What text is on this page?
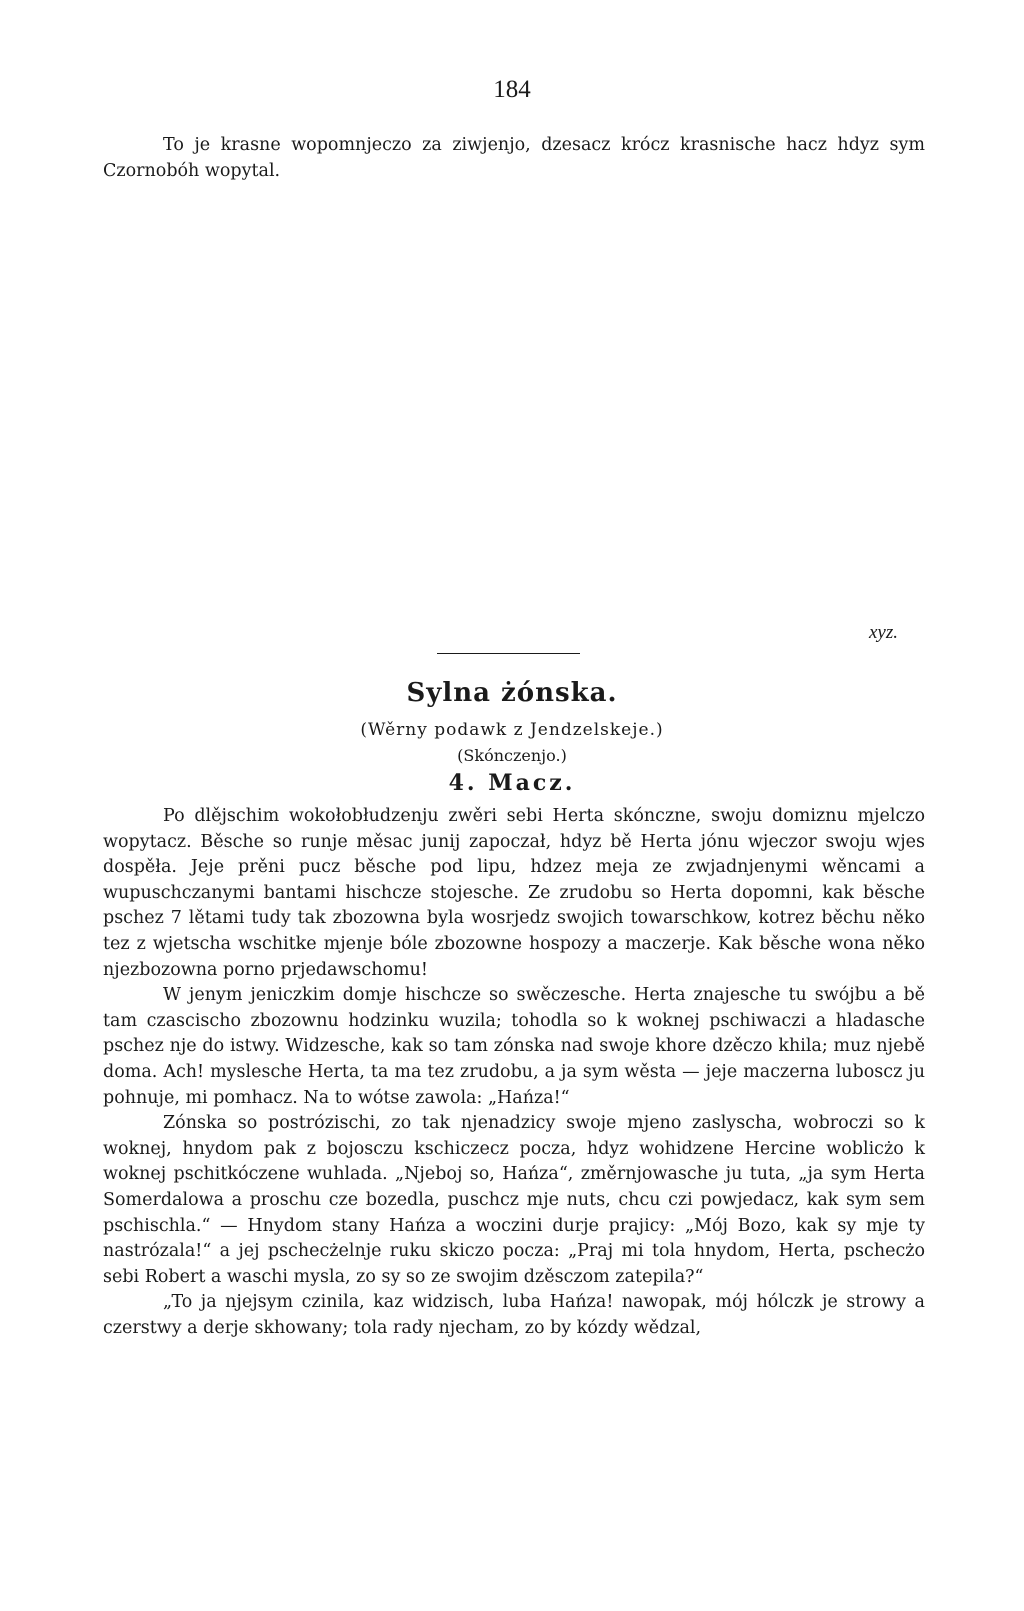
184

To je krasne wopomnjeczo za ziwjenjo, dzesacz krócz krasnische hacz hdyz sym Czornobóh wopytal.

xyz.
Sylna żónska.
(Wěrny podawk z Jendzelskeje.)
(Skónczenjo.)
4. Macz.

Po dlějschim wokołobłudzenju zwěri sebi Herta skónczne, swoju domiznu mjelczo wopytacz. Běsche so runje měsac junij zapoczał, hdyz bě Herta jónu wjeczor swoju wjes dospěła. Jeje prěni pucz běsche pod lipu, hdzez meja ze zwjadnjenymi wěncami a wupuschczanymi bantami hischcze stojesche. Ze zrudobu so Herta dopomni, kak běsche pschez 7 lětami tudy tak zbozowna byla wosrjedz swojich towarschkow, kotrez běchu něko tez z wjetscha wschitke mjenje bóle zbozowne hospozy a maczerje. Kak běsche wona něko njezbozowna porno prjedawschomu!

W jenym jeniczkim domje hischcze so swěczesche. Herta znajesche tu swójbu a bě tam czascischo zbozownu hodzinku wuzila; tohodla so k woknej pschiwaczi a hladasche pschez nje do istwy. Widzesche, kak so tam zónska nad swoje khore dzěczo khila; muz njebě doma. Ach! myslesche Herta, ta ma tez zrudobu, a ja sym wěsta — jeje maczerna luboscz ju pohnuje, mi pomhacz. Na to wótse zawola: „Hańza!“

Zónska so postrózischi, zo tak njenadzicy swoje mjeno zaslyscha, wobroczi so k woknej, hnydom pak z bojosczu kschiczecz pocza, hdyz wohidzene Hercine woblicżo k woknej pschitkóczene wuhlada. „Njeboj so, Hańza“, změrnjowasche ju tuta, „ja sym Herta Somerdalowa a proschu cze bozedla, puschcz mje nuts, chcu czi powjedacz, kak sym sem pschischla.“ — Hnydom stany Hańza a woczini durje prajicy: „Mój Bozo, kak sy mje ty nastrózala!“ a jej pschecżelnje ruku skiczo pocza: „Praj mi tola hnydom, Herta, pschecżo sebi Robert a waschi mysla, zo sy so ze swojim dzěsczom zatepila?“

„To ja njejsym czinila, kaz widzisch, luba Hańza! nawopak, mój hólczk je strowy a czerstwy a derje skhowany; tola rady njecham, zo by kózdy wědzal,
